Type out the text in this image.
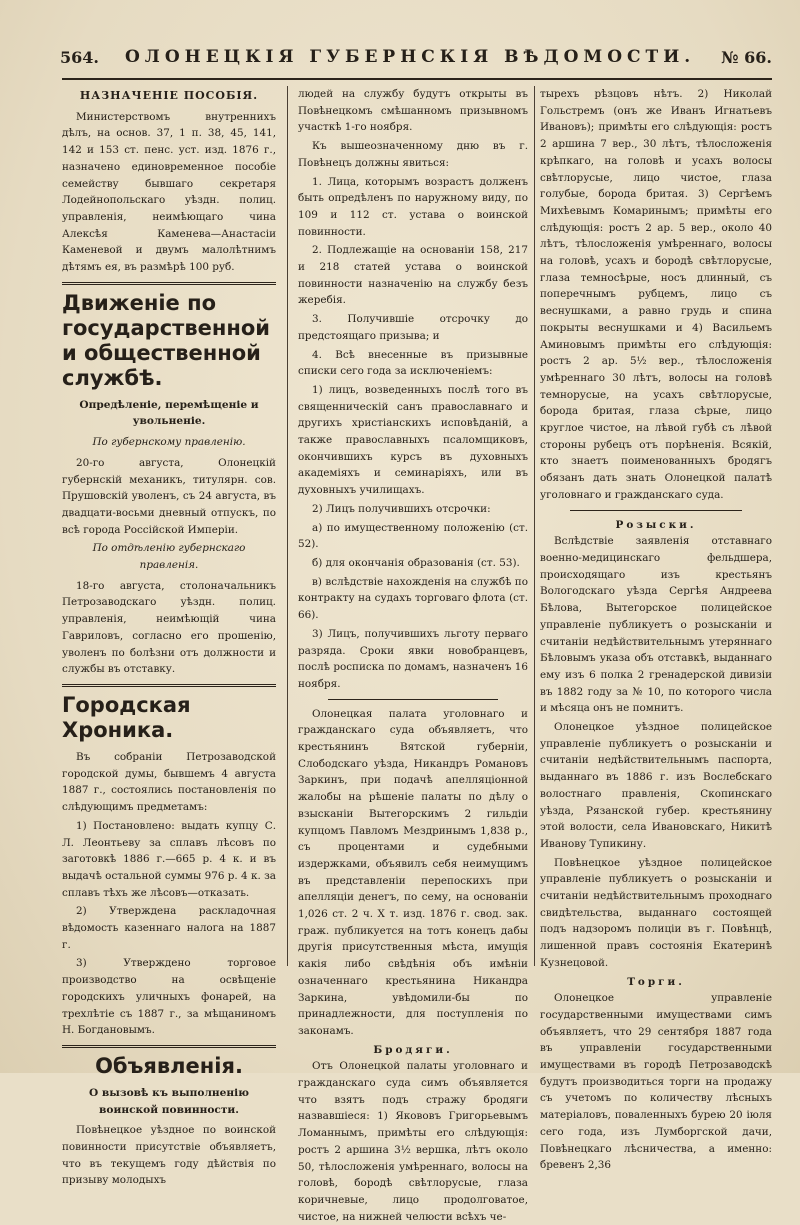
564. ОЛОНЕЦКІЯ ГУБЕРНСКІЯ ВѢДОМОСТИ. № 66.
НАЗНАЧЕНІЕ ПОСОБІЯ.

Министерствомъ внутреннихъ дѣлъ, на основ. 37, 1 п. 38, 45, 141, 142 и 153 ст. пенс. уст. изд. 1876 г., назначено единовременное пособіе семейству бывшаго секретаря Лодейнопольскаго уѣздн. полиц. управленія, неимѣющаго чина Алексѣя Каменева—Анастасіи Каменевой и двумъ малолѣтнимъ дѣтямъ ея, въ размѣрѣ 100 руб.

Движеніе по государственной и общественной службѣ.
Опредѣленіе, перемѣщеніе и увольненіе.
По губернскому правленію.

20-го августа, Олонецкій губернскій механикъ, титулярн. сов. Прушовскій уволенъ, съ 24 августа, въ двадцати-восьми дневный отпускъ, по всѣ города Россійской Имперіи.

По отдѣленію губернскаго правленія.

18-го августа, столоначальникъ Петрозаводскаго уѣздн. полиц. управленія, неимѣющій чина Гавриловъ, согласно его прошенію, уволенъ по болѣзни отъ должности и службы въ отставку.

Городская Хроника.

Въ собраніи Петрозаводской городской думы, бывшемъ 4 августа 1887 г., состоялись постановленія по слѣдующимъ предметамъ:

1) Постановлено: выдать купцу С. Л. Леонтьеву за сплавъ лѣсовъ по заготовкѣ 1886 г.—665 р. 4 к. и въ выдачѣ остальной суммы 976 р. 4 к. за сплавъ тѣхъ же лѣсовъ—отказать.

2) Утверждена раскладочная вѣдомость казеннаго налога на 1887 г.

3) Утверждено торговое производство на освѣщеніе городскихъ уличныхъ фонарей, на трехлѣтіе съ 1887 г., за мѣщаниномъ Н. Богдановымъ.

Объявленія.
О вызовѣ къ выполненію воинской повинности.

Повѣнецкое уѣздное по воинской повинности присутствіе объявляетъ, что въ текущемъ году дѣйствія по призыву молодыхъ

людей на службу будутъ открыты въ Повѣнецкомъ смѣшанномъ призывномъ участкѣ 1-го ноября.

Къ вышеозначенному дню въ г. Повѣнецъ должны явиться:

1. Лица, которымъ возрастъ долженъ быть опредѣленъ по наружному виду, по 109 и 112 ст. устава о воинской повинности.

2. Подлежащіе на основаніи 158, 217 и 218 статей устава о воинской повинности назначенію на службу безъ жеребія.

3. Получившіе отсрочку до предстоящаго призыва; и

4. Всѣ внесенные въ призывные списки сего года за исключеніемъ:

1) лицъ, возведенныхъ послѣ того въ священническій санъ православнаго и другихъ христіанскихъ исповѣданій, а также православныхъ псаломщиковъ, окончившихъ курсъ въ духовныхъ академіяхъ и семинаріяхъ, или въ духовныхъ училищахъ.

2) Лицъ получившихъ отсрочки:

а) по имущественному положенію (ст. 52).

б) для окончанія образованія (ст. 53).

в) вслѣдствіе нахожденія на службѣ по контракту на судахъ торговаго флота (ст. 66).

3) Лицъ, получившихъ льготу перваго разряда. Сроки явки новобранцевъ, послѣ росписка по домамъ, назначенъ 16 ноября.

Олонецкая палата уголовнаго и гражданскаго суда объявляетъ, что крестьянинъ Вятской губерніи, Слободскаго уѣзда, Никандръ Романовъ Заркинъ, при подачѣ апелляціонной жалобы на рѣшеніе палаты по дѣлу о взысканіи Вытегорскимъ 2 гильдіи купцомъ Павломъ Мездринымъ 1,838 р., съ процентами и судебными издержками, объявилъ себя неимущимъ въ представленіи перепоскихъ при апелляціи денегъ, по сему, на основаніи 1,026 ст. 2 ч. X т. изд. 1876 г. свод. зак. граж. публикуется на тотъ конецъ дабы другія присутственныя мѣста, имущія какія либо свѣдѣнія объ имѣніи означеннаго крестьянина Никандра Заркина, увѣдомили-бы по принадлежности, для поступленія по законамъ.

Бродяги.

Отъ Олонецкой палаты уголовнаго и гражданскаго суда симъ объявляется что взятъ подъ стражу бродяги назвавшіеся: 1) Якововъ Григорьевымъ Ломаннымъ, примѣты его слѣдующія: ростъ 2 аршина 3½ вершка, лѣтъ около 50, тѣлосложенія умѣреннаго, волосы на головѣ, бородѣ свѣтлорусые, глаза коричневые, лицо продолговатое, чистое, на нижней челюсти всѣхъ че-

тырехъ рѣзцовъ нѣтъ. 2) Николай Гольстремъ (онъ же Иванъ Игнатьевъ Ивановъ); примѣты его слѣдующія: ростъ 2 аршина 7 вер., 30 лѣтъ, тѣлосложенія крѣпкаго, на головѣ и усахъ волосы свѣтлорусые, лицо чистое, глаза голубые, борода бритая. 3) Сергѣемъ Михѣевымъ Комаринымъ; примѣты его слѣдующія: ростъ 2 ар. 5 вер., около 40 лѣтъ, тѣлосложенія умѣреннаго, волосы на головѣ, усахъ и бородѣ свѣтлорусые, глаза темносѣрые, носъ длинный, съ поперечнымъ рубцемъ, лицо съ веснушками, а равно грудь и спина покрыты веснушками и 4) Васильемъ Аминовымъ примѣты его слѣдующія: ростъ 2 ар. 5½ вер., тѣлосложенія умѣреннаго 30 лѣтъ, волосы на головѣ темнорусые, на усахъ свѣтлорусые, борода бритая, глаза сѣрые, лицо круглое чистое, на лѣвой губѣ съ лѣвой стороны рубецъ отъ порѣненія. Всякій, кто знаетъ поименованныхъ бродягъ обязанъ дать знать Олонецкой палатѣ уголовнаго и гражданскаго суда.

Розыски.

Вслѣдствіе заявленія отставнаго военно-медицинскаго фельдшера, происходящаго изъ крестьянъ Вологодскаго уѣзда Сергѣя Андреева Бѣлова, Вытегорское полицейское управленіе публикуетъ о розысканіи и считаніи недѣйствительнымъ утеряннаго Бѣловымъ указа объ отставкѣ, выданнаго ему изъ 6 полка 2 гренадерской дивизіи въ 1882 году за № 10, по которого числа и мѣсяца онъ не помнитъ.

Олонецкое уѣздное полицейское управленіе публикуетъ о розысканіи и считаніи недѣйствительнымъ паспорта, выданнаго въ 1886 г. изъ Вослебскаго волостнаго правленія, Скопинскаго уѣзда, Рязанской губер. крестьянину этой волости, села Ивановскаго, Никитѣ Иванову Тупикину.

Повѣнецкое уѣздное полицейское управленіе публикуетъ о розысканіи и считаніи недѣйствительнымъ проходнаго свидѣтельства, выданнаго состоящей подъ надзоромъ полиціи въ г. Повѣнцѣ, лишенной правъ состоянія Екатеринѣ Кузнецовой.

Торги.

Олонецкое управленіе государственными имуществами симъ объявляетъ, что 29 сентября 1887 года въ управленіи государственными имуществами въ городѣ Петрозаводскѣ будутъ производиться торги на продажу съ учетомъ по количеству лѣсныхъ матеріаловъ, поваленныхъ бурею 20 іюля сего года, изъ Лумборгской дачи, Повѣнецкаго лѣсничества, а именно: бревенъ 2,36
